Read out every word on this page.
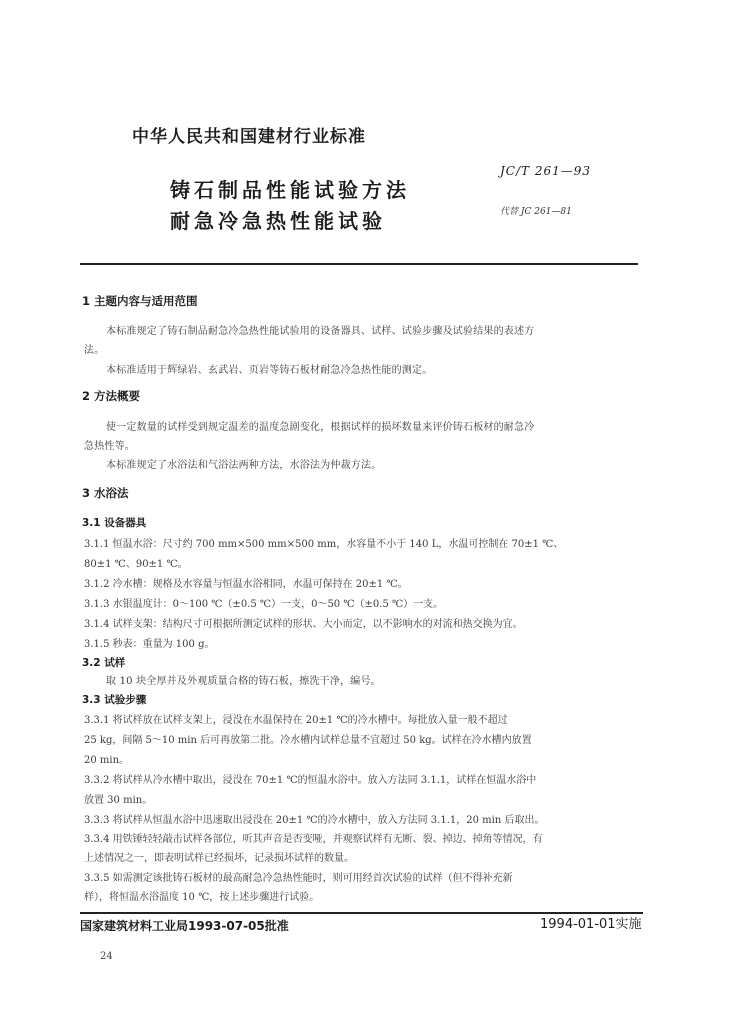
中华人民共和国建材行业标准
JC/T 261—93
铸石制品性能试验方法
耐急冷急热性能试验	代替 JC 261—81
1 主题内容与适用范围
本标准规定了铸石制品耐急冷急热性能试验用的设备器具、试样、试验步骤及试验结果的表述方
法。
本标准适用于辉绿岩、玄武岩、页岩等铸石板材耐急冷急热性能的测定。
2 方法概要
使一定数量的试样受到规定温差的温度急剧变化，根据试样的损坏数量来评价铸石板材的耐急冷
急热性等。
本标准规定了水浴法和气浴法两种方法，水浴法为仲裁方法。
3 水浴法
3.1 设备器具
3.1.1 恒温水浴：尺寸约 700 mm×500 mm×500 mm，水容量不小于 140 L，水温可控制在 70±1 ℃、
80±1 ℃、90±1 ℃。
3.1.2 冷水槽：规格及水容量与恒温水浴相同，水温可保持在 20±1 ℃。
3.1.3 水银温度计：0～100 ℃（±0.5 ℃）一支，0～50 ℃（±0.5 ℃）一支。
3.1.4 试样支架：结构尺寸可根据所测定试样的形状、大小而定，以不影响水的对流和热交换为宜。
3.1.5 秒表：重量为 100 g。
3.2 试样
取 10 块全厚并及外观质量合格的铸石板，擦洗干净，编号。
3.3 试验步骤
3.3.1 将试样放在试样支架上，浸没在水温保持在 20±1 ℃的冷水槽中。每批放入量一般不超过
25 kg，间隔 5～10 min 后可再放第二批。冷水槽内试样总量不宜超过 50 kg。试样在冷水槽内放置
20 min。
3.3.2 将试样从冷水槽中取出，浸没在 70±1 ℃的恒温水浴中。放入方法同 3.1.1，试样在恒温水浴中
放置 30 min。
3.3.3 将试样从恒温水浴中迅速取出浸没在 20±1 ℃的冷水槽中，放入方法同 3.1.1，20 min 后取出。
3.3.4 用铁锤轻轻敲击试样各部位，听其声音是否变哑，并观察试样有无断、裂、掉边、掉角等情况，有
上述情况之一，即表明试样已经损坏，记录损坏试样的数量。
3.3.5 如需测定该批铸石板材的最高耐急冷急热性能时，则可用经首次试验的试样（但不得补充新
样），将恒温水浴温度 10 ℃，按上述步骤进行试验。
国家建筑材料工业局1993-07-05批准	1994-01-01实施
24
